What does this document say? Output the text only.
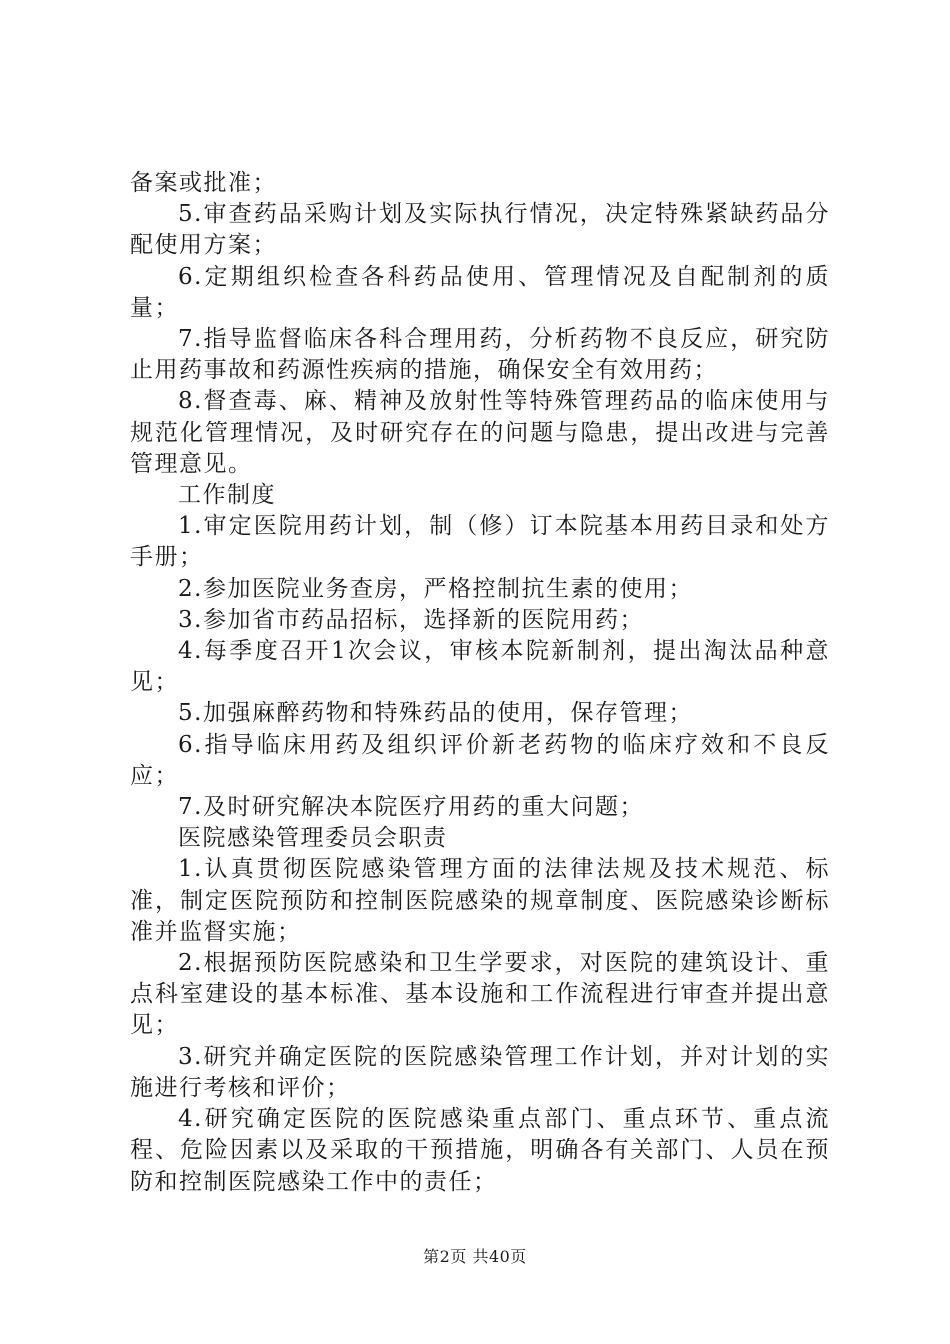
备案或批准；

5.审查药品采购计划及实际执行情况，决定特殊紧缺药品分配使用方案；

6.定期组织检查各科药品使用、管理情况及自配制剂的质量；

7.指导监督临床各科合理用药，分析药物不良反应，研究防止用药事故和药源性疾病的措施，确保安全有效用药；

8.督查毒、麻、精神及放射性等特殊管理药品的临床使用与规范化管理情况，及时研究存在的问题与隐患，提出改进与完善管理意见。

工作制度

1.审定医院用药计划，制（修）订本院基本用药目录和处方手册；

2.参加医院业务查房，严格控制抗生素的使用；

3.参加省市药品招标，选择新的医院用药；

4.每季度召开1次会议，审核本院新制剂，提出淘汰品种意见；

5.加强麻醉药物和特殊药品的使用，保存管理；

6.指导临床用药及组织评价新老药物的临床疗效和不良反应；

7.及时研究解决本院医疗用药的重大问题；

医院感染管理委员会职责

1.认真贯彻医院感染管理方面的法律法规及技术规范、标准，制定医院预防和控制医院感染的规章制度、医院感染诊断标准并监督实施；

2.根据预防医院感染和卫生学要求，对医院的建筑设计、重点科室建设的基本标准、基本设施和工作流程进行审查并提出意见；

3.研究并确定医院的医院感染管理工作计划，并对计划的实施进行考核和评价；

4.研究确定医院的医院感染重点部门、重点环节、重点流程、危险因素以及采取的干预措施，明确各有关部门、人员在预防和控制医院感染工作中的责任；

第2页 共40页
